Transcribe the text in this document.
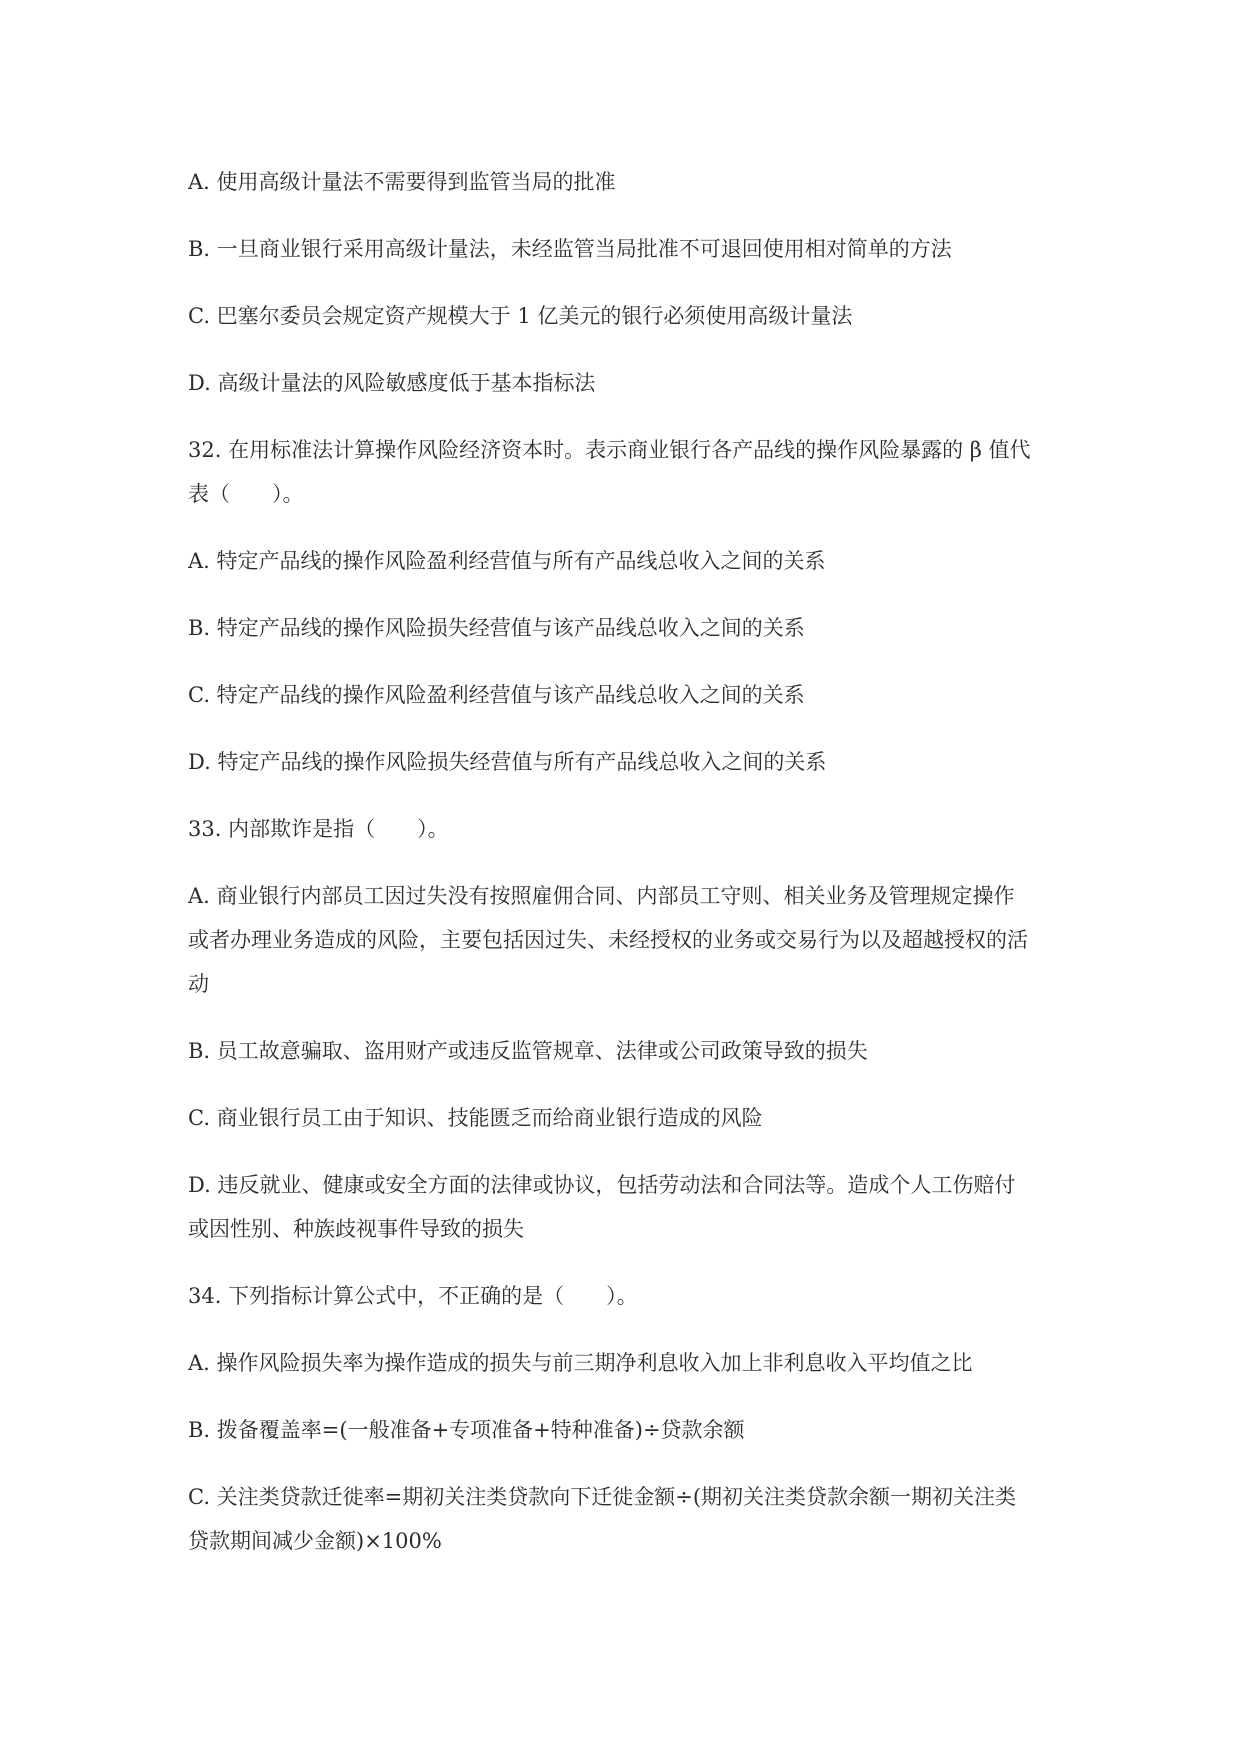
A. 使用高级计量法不需要得到监管当局的批准
B. 一旦商业银行采用高级计量法，未经监管当局批准不可退回使用相对简单的方法
C. 巴塞尔委员会规定资产规模大于 1 亿美元的银行必须使用高级计量法
D. 高级计量法的风险敏感度低于基本指标法
32. 在用标准法计算操作风险经济资本时。表示商业银行各产品线的操作风险暴露的 β 值代
表（　　）。
A. 特定产品线的操作风险盈利经营值与所有产品线总收入之间的关系
B. 特定产品线的操作风险损失经营值与该产品线总收入之间的关系
C. 特定产品线的操作风险盈利经营值与该产品线总收入之间的关系
D. 特定产品线的操作风险损失经营值与所有产品线总收入之间的关系
33. 内部欺诈是指（　　）。
A. 商业银行内部员工因过失没有按照雇佣合同、内部员工守则、相关业务及管理规定操作
或者办理业务造成的风险，主要包括因过失、未经授权的业务或交易行为以及超越授权的活
动
B. 员工故意骗取、盗用财产或违反监管规章、法律或公司政策导致的损失
C. 商业银行员工由于知识、技能匮乏而给商业银行造成的风险
D. 违反就业、健康或安全方面的法律或协议，包括劳动法和合同法等。造成个人工伤赔付
或因性别、种族歧视事件导致的损失
34. 下列指标计算公式中，不正确的是（　　）。
A. 操作风险损失率为操作造成的损失与前三期净利息收入加上非利息收入平均值之比
B. 拨备覆盖率=(一般准备+专项准备+特种准备)÷贷款余额
C. 关注类贷款迁徙率=期初关注类贷款向下迁徙金额÷(期初关注类贷款余额一期初关注类
贷款期间减少金额)×100%
